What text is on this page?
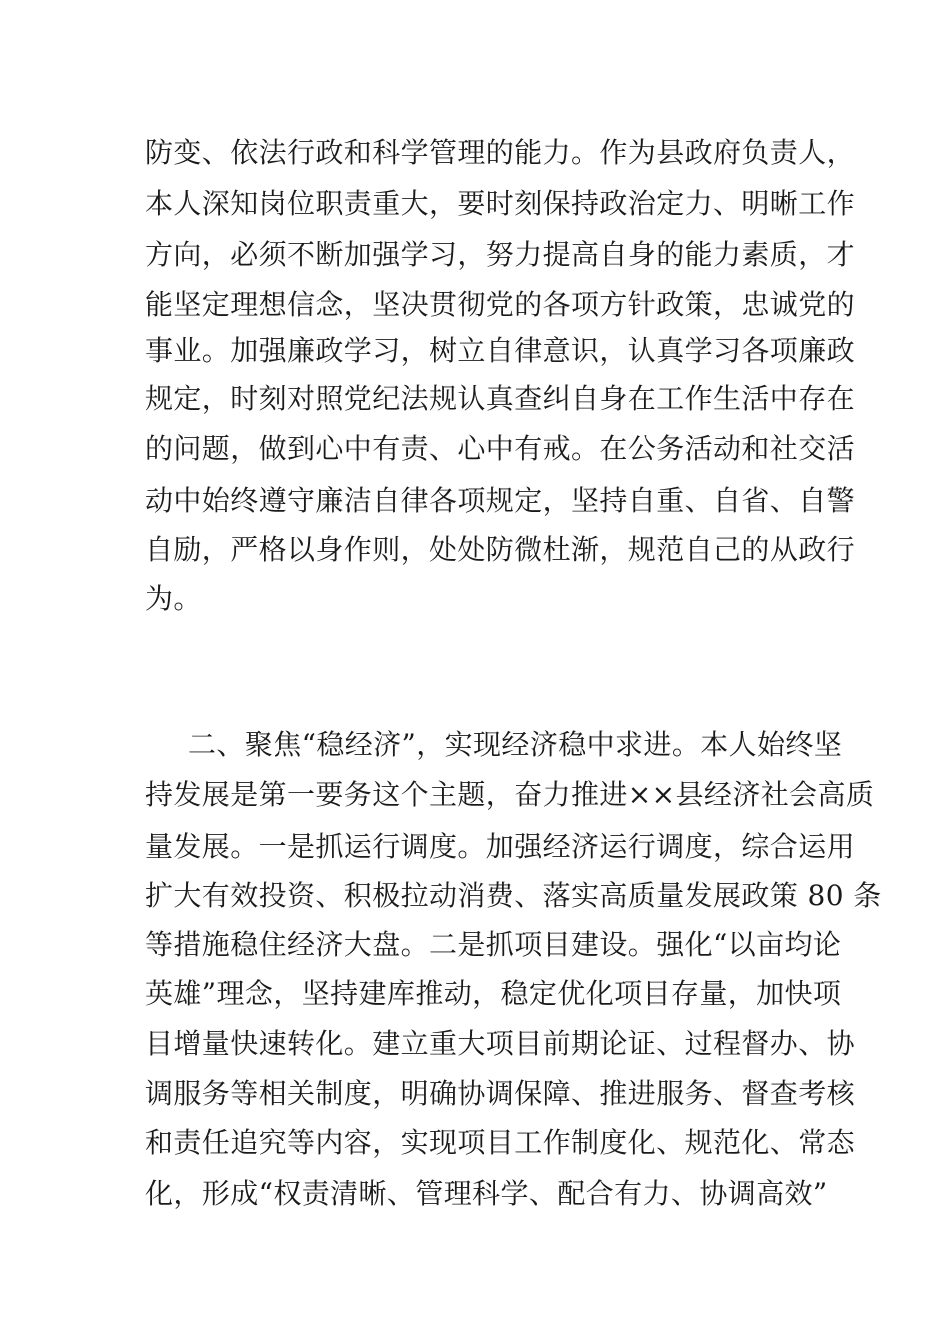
防变、依法行政和科学管理的能力。作为县政府负责人，
本人深知岗位职责重大，要时刻保持政治定力、明晰工作
方向，必须不断加强学习，努力提高自身的能力素质，才
能坚定理想信念，坚决贯彻党的各项方针政策，忠诚党的
事业。加强廉政学习，树立自律意识，认真学习各项廉政
规定，时刻对照党纪法规认真查纠自身在工作生活中存在
的问题，做到心中有责、心中有戒。在公务活动和社交活
动中始终遵守廉洁自律各项规定，坚持自重、自省、自警
自励，严格以身作则，处处防微杜渐，规范自己的从政行
为。
二、聚焦“稳经济”，实现经济稳中求进。本人始终坚
持发展是第一要务这个主题，奋力推进××县经济社会高质
量发展。一是抓运行调度。加强经济运行调度，综合运用
扩大有效投资、积极拉动消费、落实高质量发展政策 80 条
等措施稳住经济大盘。二是抓项目建设。强化“以亩均论
英雄”理念，坚持建库推动，稳定优化项目存量，加快项
目增量快速转化。建立重大项目前期论证、过程督办、协
调服务等相关制度，明确协调保障、推进服务、督查考核
和责任追究等内容，实现项目工作制度化、规范化、常态
化，形成“权责清晰、管理科学、配合有力、协调高效”
